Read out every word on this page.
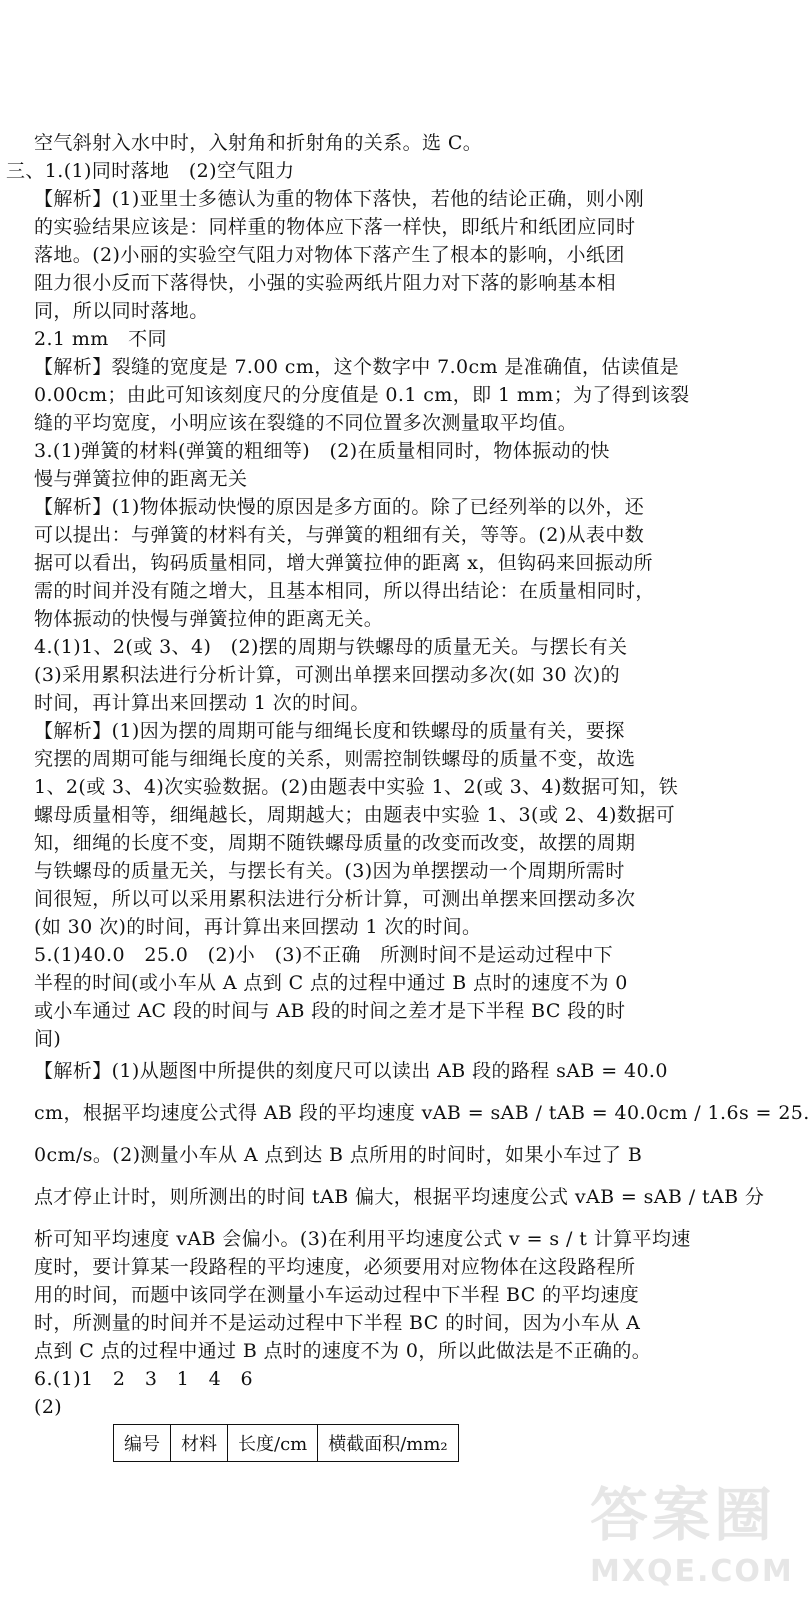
空气斜射入水中时，入射角和折射角的关系。选 C。
三、1.(1)同时落地　(2)空气阻力
【解析】(1)亚里士多德认为重的物体下落快，若他的结论正确，则小刚
的实验结果应该是：同样重的物体应下落一样快，即纸片和纸团应同时
落地。(2)小丽的实验空气阻力对物体下落产生了根本的影响，小纸团
阻力很小反而下落得快，小强的实验两纸片阻力对下落的影响基本相
同，所以同时落地。
2.1 mm　不同
【解析】裂缝的宽度是 7.00 cm，这个数字中 7.0cm 是准确值，估读值是
0.00cm；由此可知该刻度尺的分度值是 0.1 cm，即 1 mm；为了得到该裂
缝的平均宽度，小明应该在裂缝的不同位置多次测量取平均值。
3.(1)弹簧的材料(弹簧的粗细等)　(2)在质量相同时，物体振动的快
慢与弹簧拉伸的距离无关
【解析】(1)物体振动快慢的原因是多方面的。除了已经列举的以外，还
可以提出：与弹簧的材料有关，与弹簧的粗细有关，等等。(2)从表中数
据可以看出，钩码质量相同，增大弹簧拉伸的距离 x，但钩码来回振动所
需的时间并没有随之增大，且基本相同，所以得出结论：在质量相同时，
物体振动的快慢与弹簧拉伸的距离无关。
4.(1)1、2(或 3、4)　(2)摆的周期与铁螺母的质量无关。与摆长有关
(3)采用累积法进行分析计算，可测出单摆来回摆动多次(如 30 次)的
时间，再计算出来回摆动 1 次的时间。
【解析】(1)因为摆的周期可能与细绳长度和铁螺母的质量有关，要探
究摆的周期可能与细绳长度的关系，则需控制铁螺母的质量不变，故选
1、2(或 3、4)次实验数据。(2)由题表中实验 1、2(或 3、4)数据可知，铁
螺母质量相等，细绳越长，周期越大；由题表中实验 1、3(或 2、4)数据可
知，细绳的长度不变，周期不随铁螺母质量的改变而改变，故摆的周期
与铁螺母的质量无关，与摆长有关。(3)因为单摆摆动一个周期所需时
间很短，所以可以采用累积法进行分析计算，可测出单摆来回摆动多次
(如 30 次)的时间，再计算出来回摆动 1 次的时间。
5.(1)40.0　25.0　(2)小　(3)不正确　所测时间不是运动过程中下
半程的时间(或小车从 A 点到 C 点的过程中通过 B 点时的速度不为 0
或小车通过 AC 段的时间与 AB 段的时间之差才是下半程 BC 段的时
间)
【解析】(1)从题图中所提供的刻度尺可以读出 AB 段的路程 sAB = 40.0
cm，根据平均速度公式得 AB 段的平均速度 vAB = sAB / tAB = 40.0cm / 1.6s = 25.
0cm/s。(2)测量小车从 A 点到达 B 点所用的时间时，如果小车过了 B
点才停止计时，则所测出的时间 tAB 偏大，根据平均速度公式 vAB = sAB / tAB 分
析可知平均速度 vAB 会偏小。(3)在利用平均速度公式 v = s / t 计算平均速
度时，要计算某一段路程的平均速度，必须要用对应物体在这段路程所
用的时间，而题中该同学在测量小车运动过程中下半程 BC 的平均速度
时，所测量的时间并不是运动过程中下半程 BC 的时间，因为小车从 A
点到 C 点的过程中通过 B 点时的速度不为 0，所以此做法是不正确的。
6.(1)1　2　3　1　4　6
(2)
编号	材料	长度/cm	横截面积/mm₂
答案圈
MXQE.COM
